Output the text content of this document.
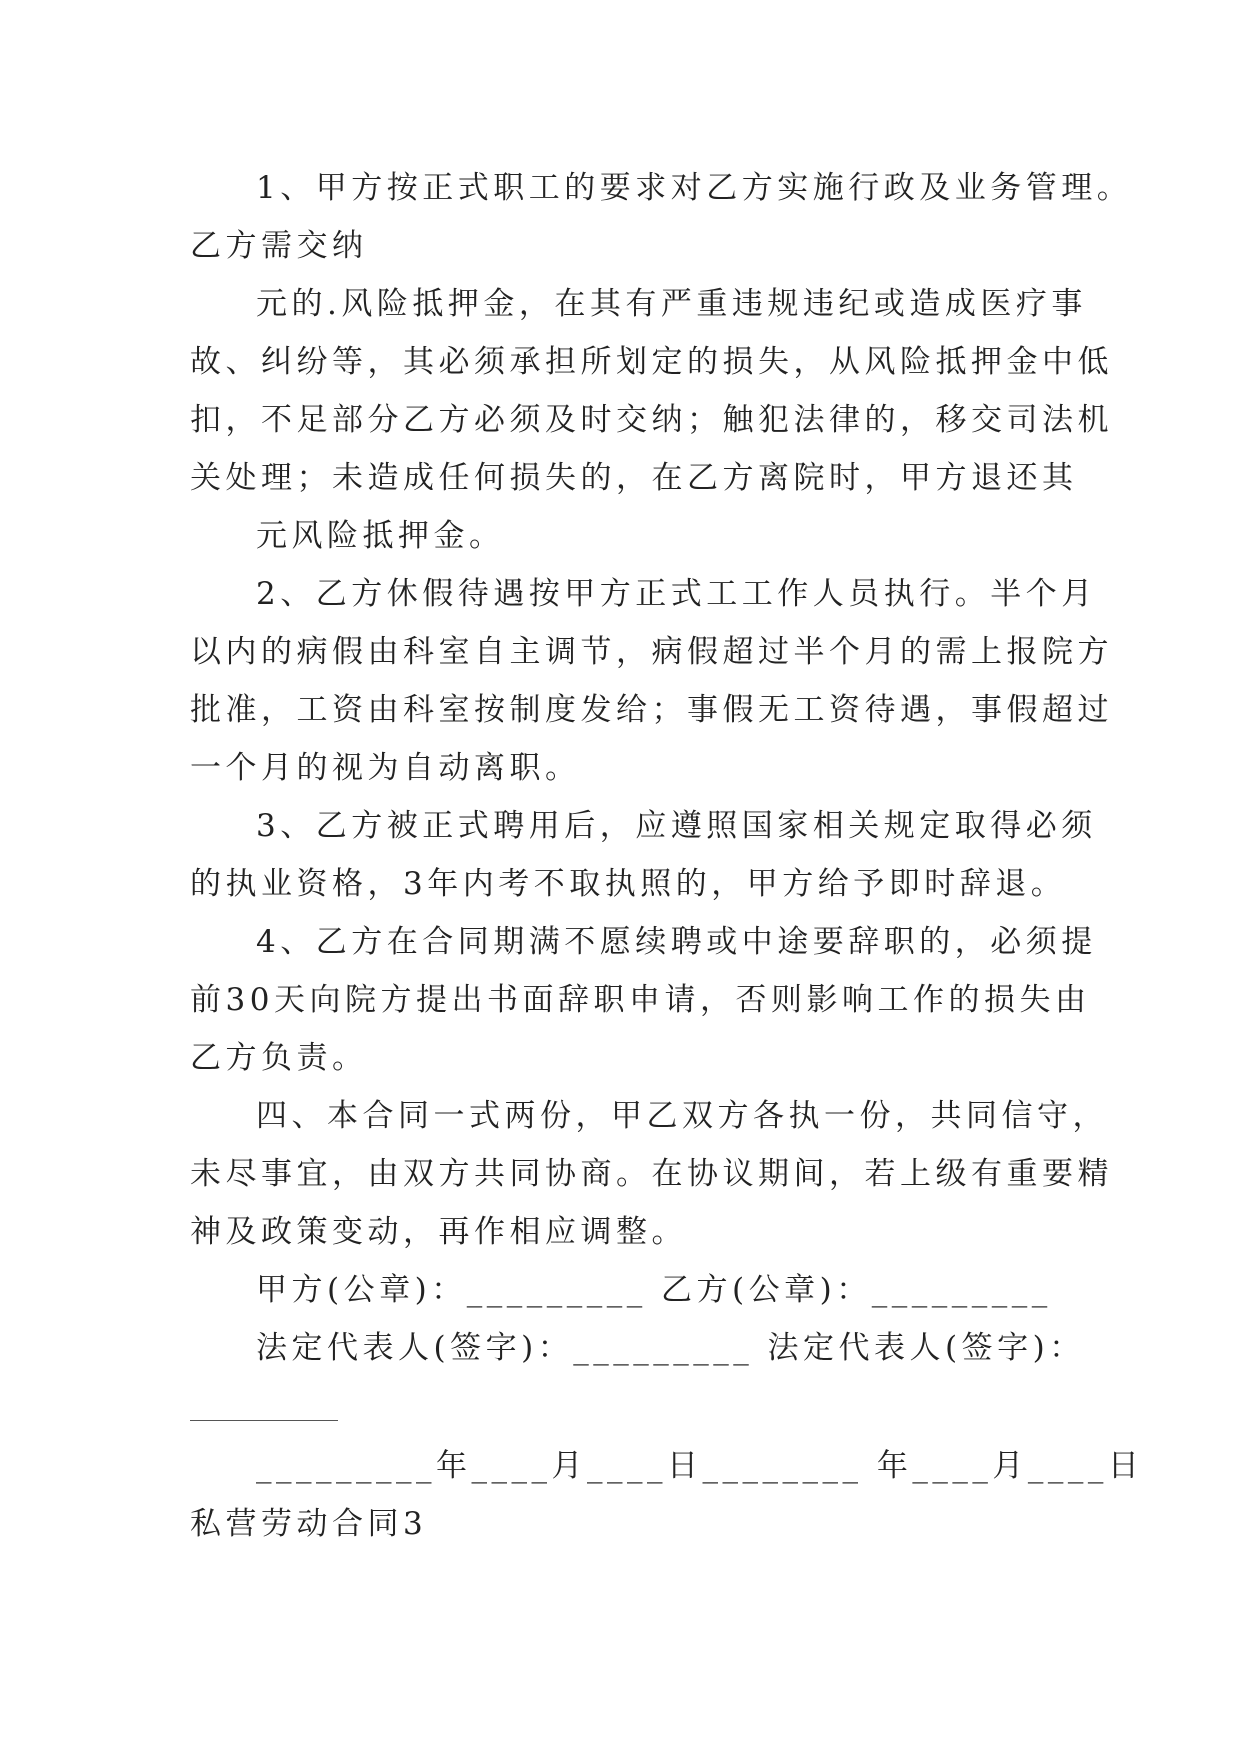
1、甲方按正式职工的要求对乙方实施行政及业务管理。
乙方需交纳
元的.风险抵押金，在其有严重违规违纪或造成医疗事
故、纠纷等，其必须承担所划定的损失，从风险抵押金中低
扣，不足部分乙方必须及时交纳；触犯法律的，移交司法机
关处理；未造成任何损失的，在乙方离院时，甲方退还其
元风险抵押金。
2、乙方休假待遇按甲方正式工工作人员执行。半个月
以内的病假由科室自主调节，病假超过半个月的需上报院方
批准，工资由科室按制度发给；事假无工资待遇，事假超过
一个月的视为自动离职。
3、乙方被正式聘用后，应遵照国家相关规定取得必须
的执业资格，3年内考不取执照的，甲方给予即时辞退。
4、乙方在合同期满不愿续聘或中途要辞职的，必须提
前30天向院方提出书面辞职申请，否则影响工作的损失由
乙方负责。
四、本合同一式两份，甲乙双方各执一份，共同信守，
未尽事宜，由双方共同协商。在协议期间，若上级有重要精
神及政策变动，再作相应调整。
甲方(公章)：_________ 乙方(公章)：_________
法定代表人(签字)：_________ 法定代表人(签字)：
_________年____月____日________ 年____月____日
私营劳动合同3
